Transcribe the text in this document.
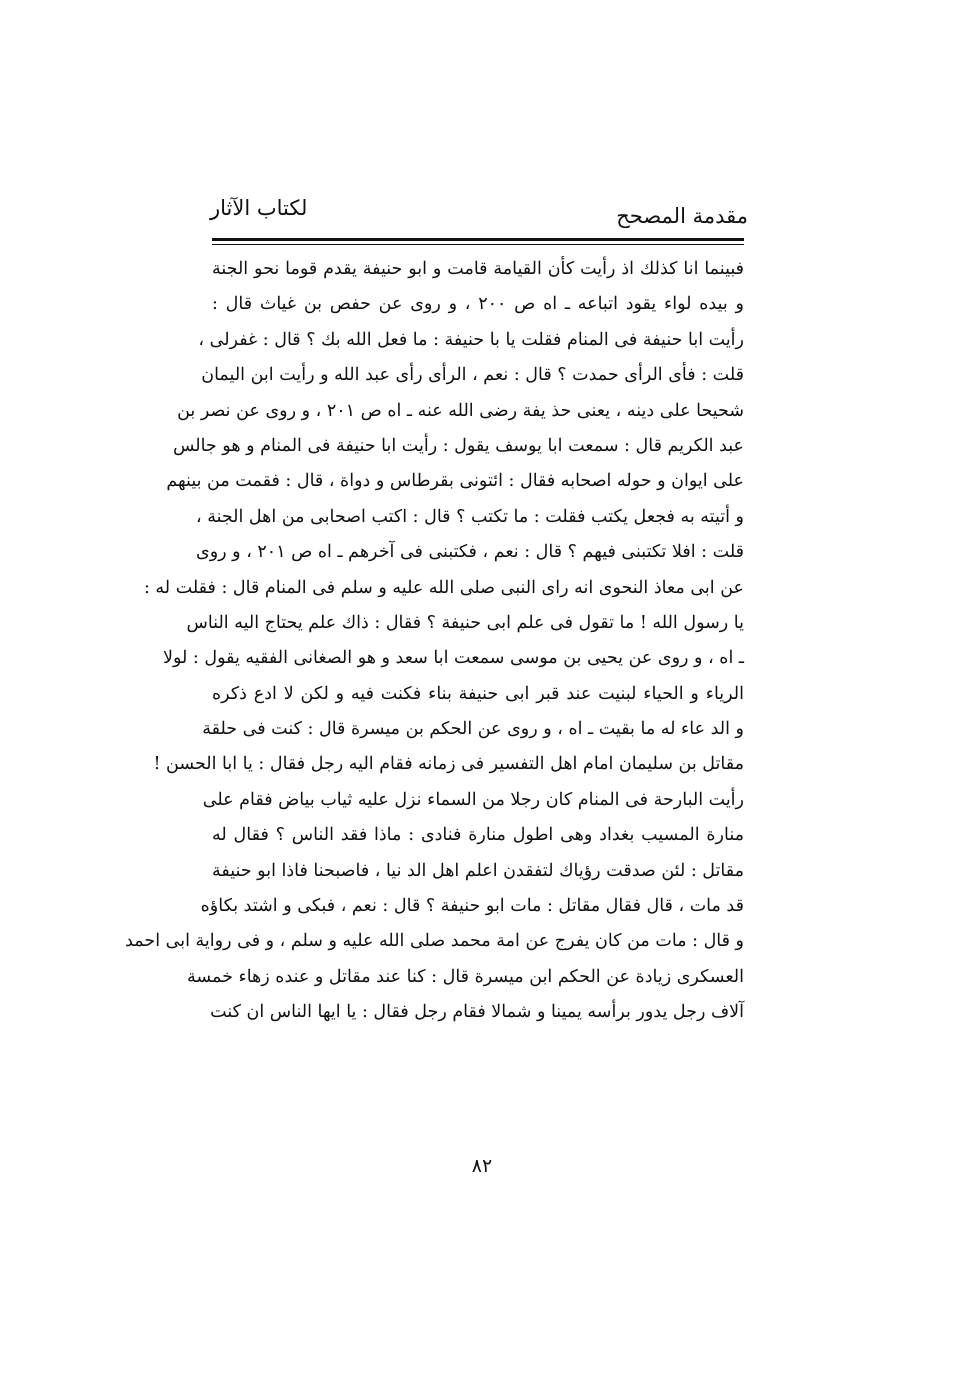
مقدمة المصحح
لكتاب الآثار
فبينما انا كذلك اذ رأيت كأن القيامة قامت و ابو حنيفة يقدم قوما نحو الجنة
و بيده لواء يقود اتباعه ـ اه ص ٢٠٠ ، و روى عن حفص بن غياث قال :
رأيت ابا حنيفة فى المنام فقلت يا با حنيفة : ما فعل الله بك ؟ قال : غفرلى ،
قلت : فأى الرأى حمدت ؟ قال : نعم ، الرأى رأى عبد الله و رأيت ابن اليمان
شحيحا على دينه ، يعنى حذ يفة رضى الله عنه ـ اه ص ٢٠١ ، و روى عن نصر بن
عبد الكريم قال : سمعت ابا يوسف يقول : رأيت ابا حنيفة فى المنام و هو جالس
على ايوان و حوله اصحابه فقال : ائتونى بقرطاس و دواة ، قال : فقمت من بينهم
و أتيته به فجعل يكتب فقلت : ما تكتب ؟ قال : اكتب اصحابى من اهل الجنة ،
قلت : افلا تكتبنى فيهم ؟ قال : نعم ، فكتبنى فى آخرهم ـ اه ص ٢٠١ ، و روى
عن ابى معاذ النحوى انه راى النبى صلى الله عليه و سلم فى المنام قال : فقلت له :
يا رسول الله ! ما تقول فى علم ابى حنيفة ؟ فقال : ذاك علم يحتاج اليه الناس
ـ اه ، و روى عن يحيى بن موسى سمعت ابا سعد و هو الصغانى الفقيه يقول : لولا
الرياء و الحياء لبنيت عند قبر ابى حنيفة بناء فكنت فيه و لكن لا ادع ذكره
و الد عاء له ما بقيت ـ اه ، و روى عن الحكم بن ميسرة قال : كنت فى حلقة
مقاتل بن سليمان امام اهل التفسير فى زمانه فقام اليه رجل فقال : يا ابا الحسن !
رأيت البارحة فى المنام كان رجلا من السماء نزل عليه ثياب بياض فقام على
منارة المسيب بغداد وهى اطول منارة فنادى : ماذا فقد الناس ؟ فقال له
مقاتل : لئن صدقت رؤياك لتفقدن اعلم اهل الد نيا ، فاصبحنا فاذا ابو حنيفة
قد مات ، قال فقال مقاتل : مات ابو حنيفة ؟ قال : نعم ، فبكى و اشتد بكاؤه
و قال : مات من كان يفرج عن امة محمد صلى الله عليه و سلم ، و فى رواية ابى احمد
العسكرى زيادة عن الحكم ابن ميسرة قال : كنا عند مقاتل و عنده زهاء خمسة
آلاف رجل يدور برأسه يمينا و شمالا فقام رجل فقال : يا ايها الناس ان كنت
٨٢
